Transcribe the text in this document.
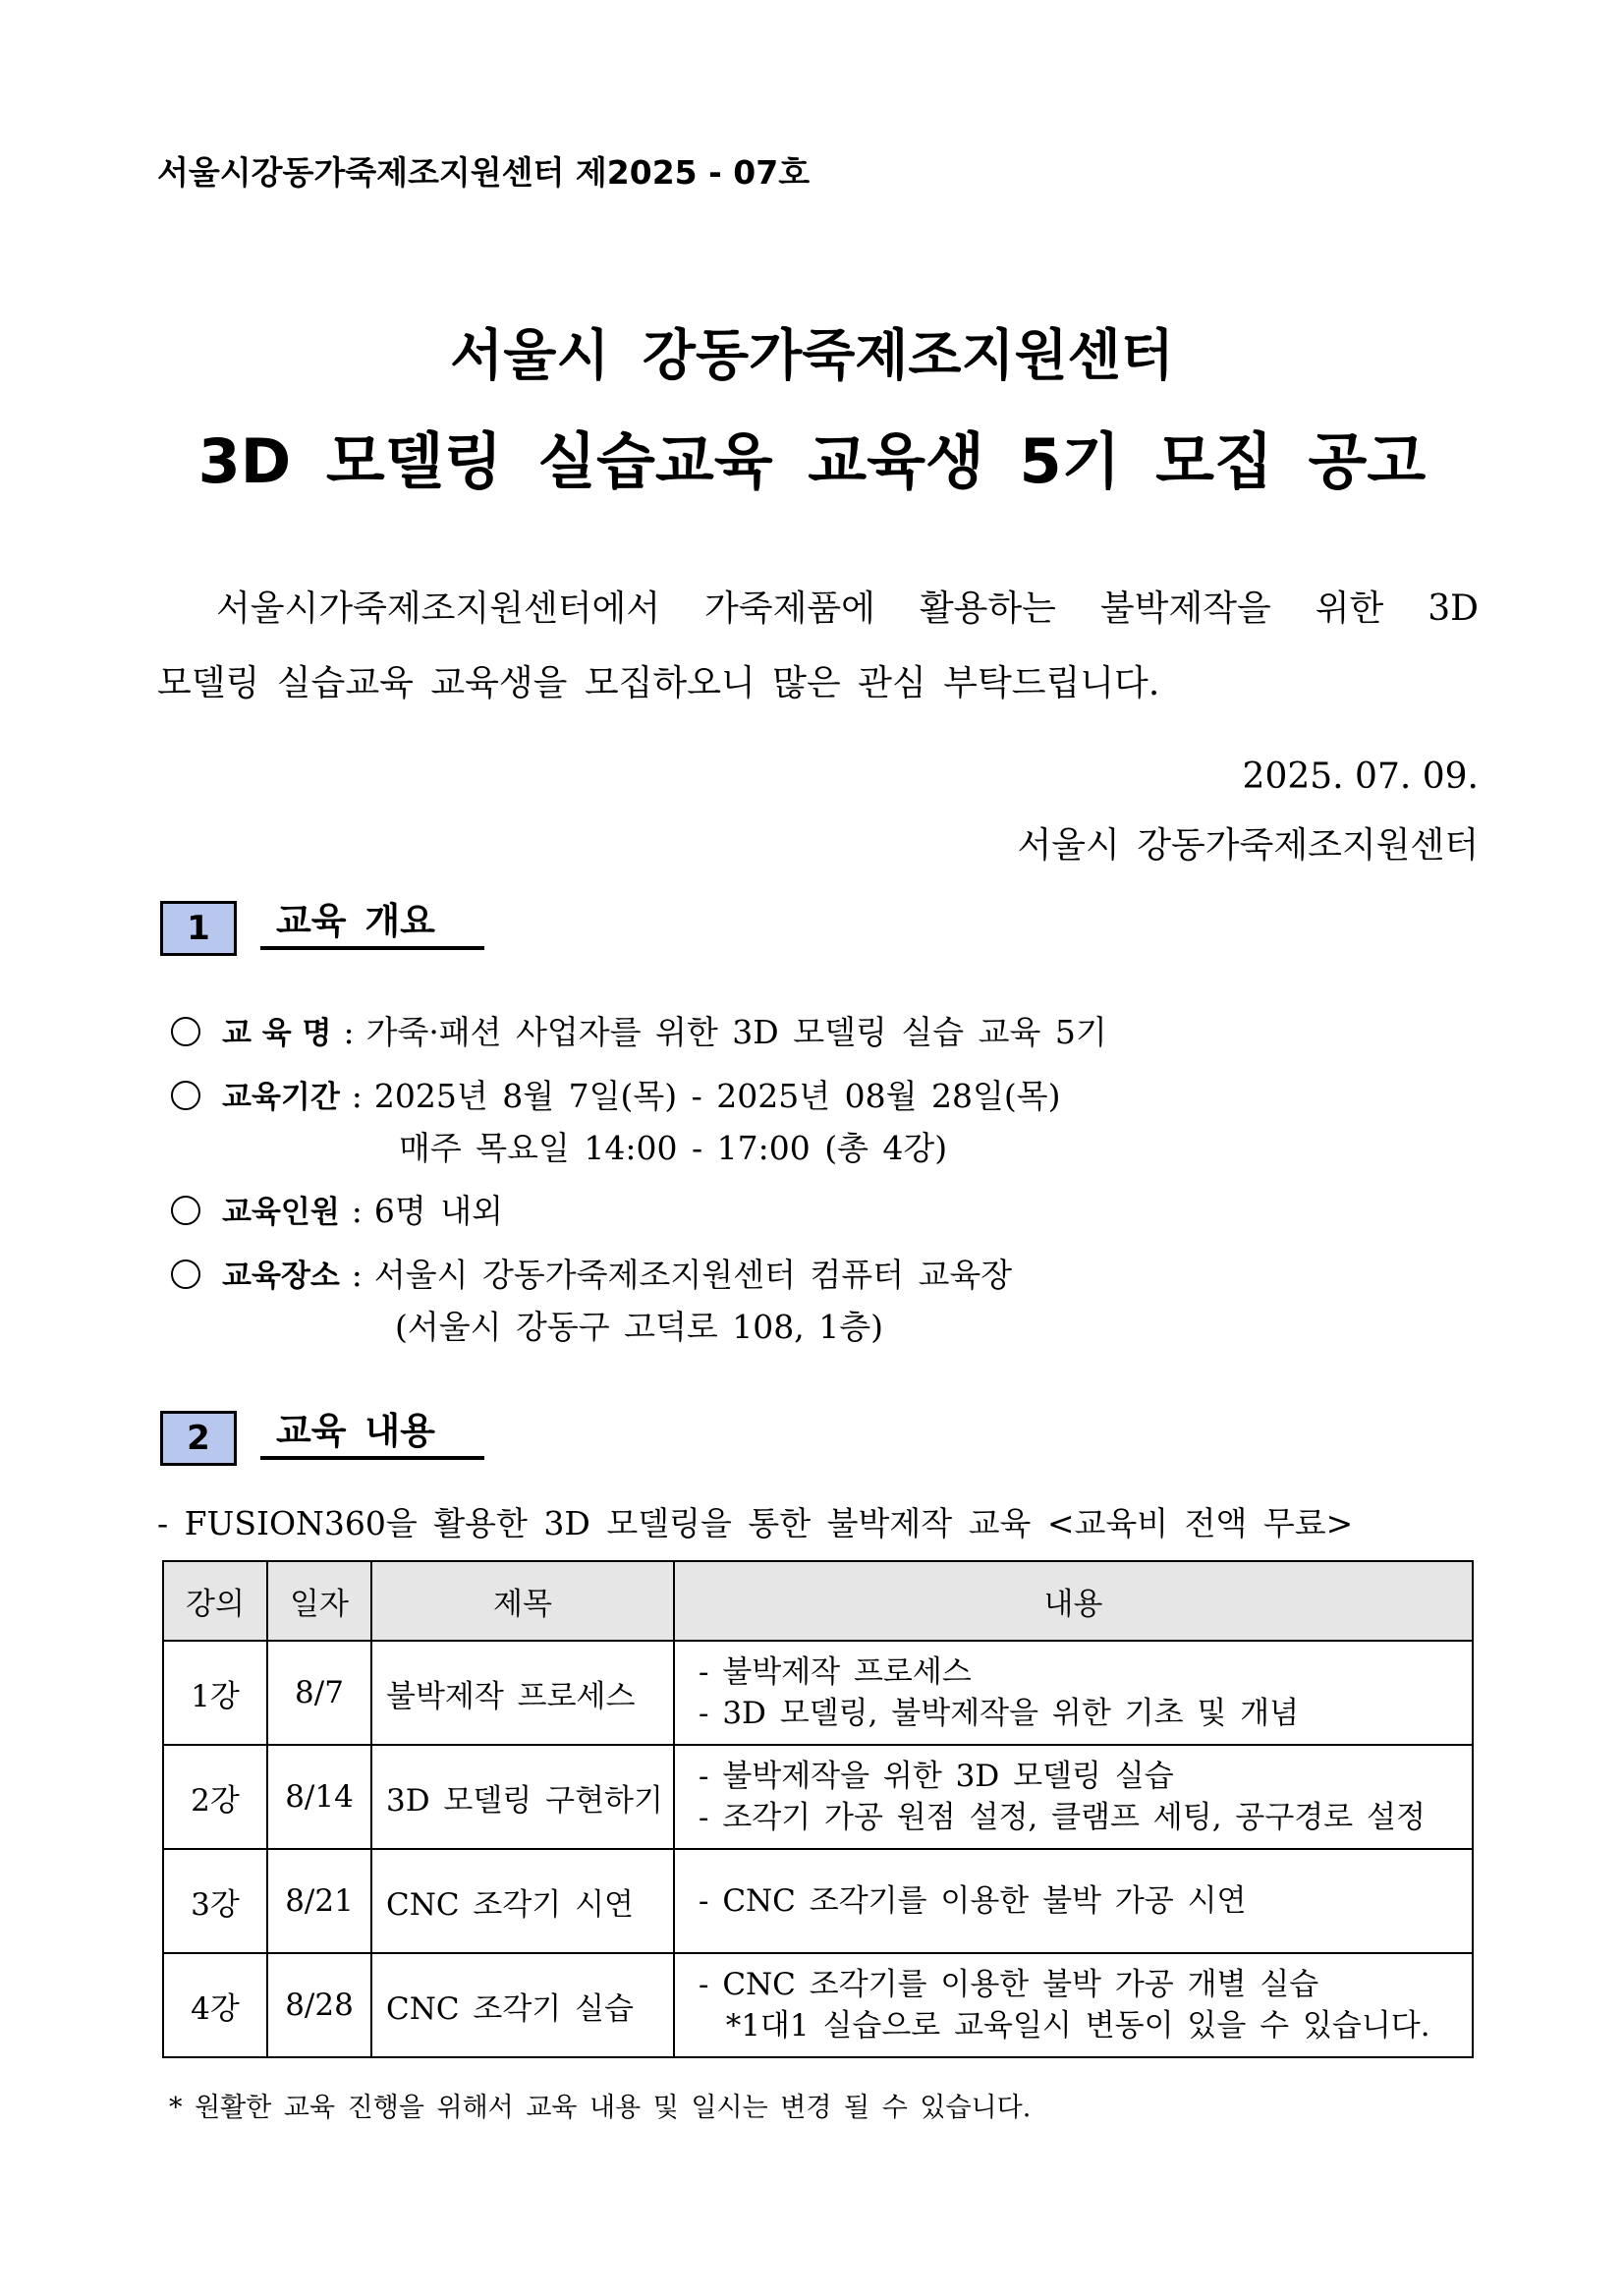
서울시강동가죽제조지원센터 제2025 - 07호
서울시 강동가죽제조지원센터
3D 모델링 실습교육 교육생 5기 모집 공고
서울시가죽제조지원센터에서 가죽제품에 활용하는 불박제작을 위한 3D
모델링 실습교육 교육생을 모집하오니 많은 관심 부탁드립니다.
2025. 07. 09.
서울시 강동가죽제조지원센터
1	교육 개요
교 육 명 : 가죽·패션 사업자를 위한 3D 모델링 실습 교육 5기
교육기간 : 2025년 8월 7일(목) - 2025년 08월 28일(목)
매주 목요일 14:00 - 17:00 (총 4강)
교육인원 : 6명 내외
교육장소 : 서울시 강동가죽제조지원센터 컴퓨터 교육장
(서울시 강동구 고덕로 108, 1층)
2	교육 내용
- FUSION360을 활용한 3D 모델링을 통한 불박제작 교육 <교육비 전액 무료>
강의	일자	제목	내용
1강	8/7	불박제작 프로세스	- 불박제작 프로세스
- 3D 모델링, 불박제작을 위한 기초 및 개념

2강	8/14	3D 모델링 구현하기	- 불박제작을 위한 3D 모델링 실습
- 조각기 가공 원점 설정, 클램프 세팅, 공구경로 설정

3강	8/21	CNC 조각기 시연	- CNC 조각기를 이용한 불박 가공 시연

4강	8/28	CNC 조각기 실습	- CNC 조각기를 이용한 불박 가공 개별 실습
*1대1 실습으로 교육일시 변동이 있을 수 있습니다.
* 원활한 교육 진행을 위해서 교육 내용 및 일시는 변경 될 수 있습니다.
